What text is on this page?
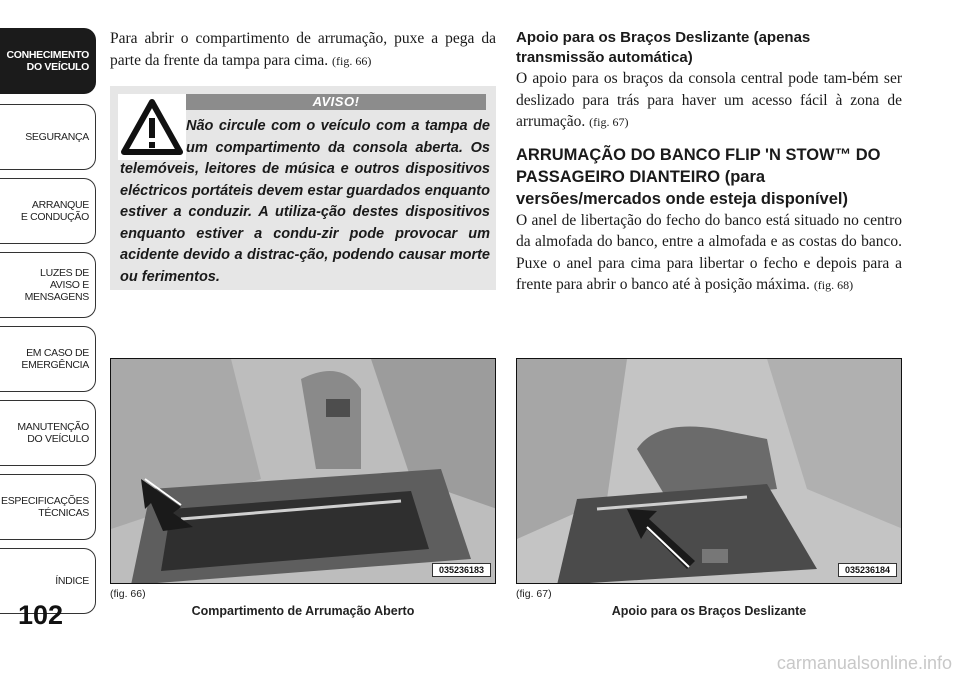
CONHECIMENTO
DO VEÍCULO
SEGURANÇA
ARRANQUE
E CONDUÇÃO
LUZES DE
AVISO E
MENSAGENS
EM CASO DE
EMERGÊNCIA
MANUTENÇÃO
DO VEÍCULO
ESPECIFICAÇÕES
TÉCNICAS
ÍNDICE
102

Para abrir o compartimento de arrumação, puxe a pega da parte da frente da tampa para cima. (fig. 66)

AVISO!
Não circule com o veículo com a tampa de um compartimento da consola aberta. Os telemóveis, leitores de música e outros dispositivos eléctricos portáteis devem estar guardados enquanto estiver a conduzir. A utiliza-ção destes dispositivos enquanto estiver a condu-zir pode provocar um acidente devido a distrac-ção, podendo causar morte ou ferimentos.
Apoio para os Braços Deslizante (apenas transmissão automática)

O apoio para os braços da consola central pode tam-bém ser deslizado para trás para haver um acesso fácil à zona de arrumação. (fig. 67)

ARRUMAÇÃO DO BANCO FLIP 'N STOW™ DO PASSAGEIRO DIANTEIRO (para versões/mercados onde esteja disponível)

O anel de libertação do fecho do banco está situado no centro da almofada do banco, entre a almofada e as costas do banco. Puxe o anel para cima para libertar o fecho e depois para a frente para abrir o banco até à posição máxima. (fig. 68)

035236183
(fig. 66)
Compartimento de Arrumação Aberto
035236184
(fig. 67)
Apoio para os Braços Deslizante
carmanualsonline.info
